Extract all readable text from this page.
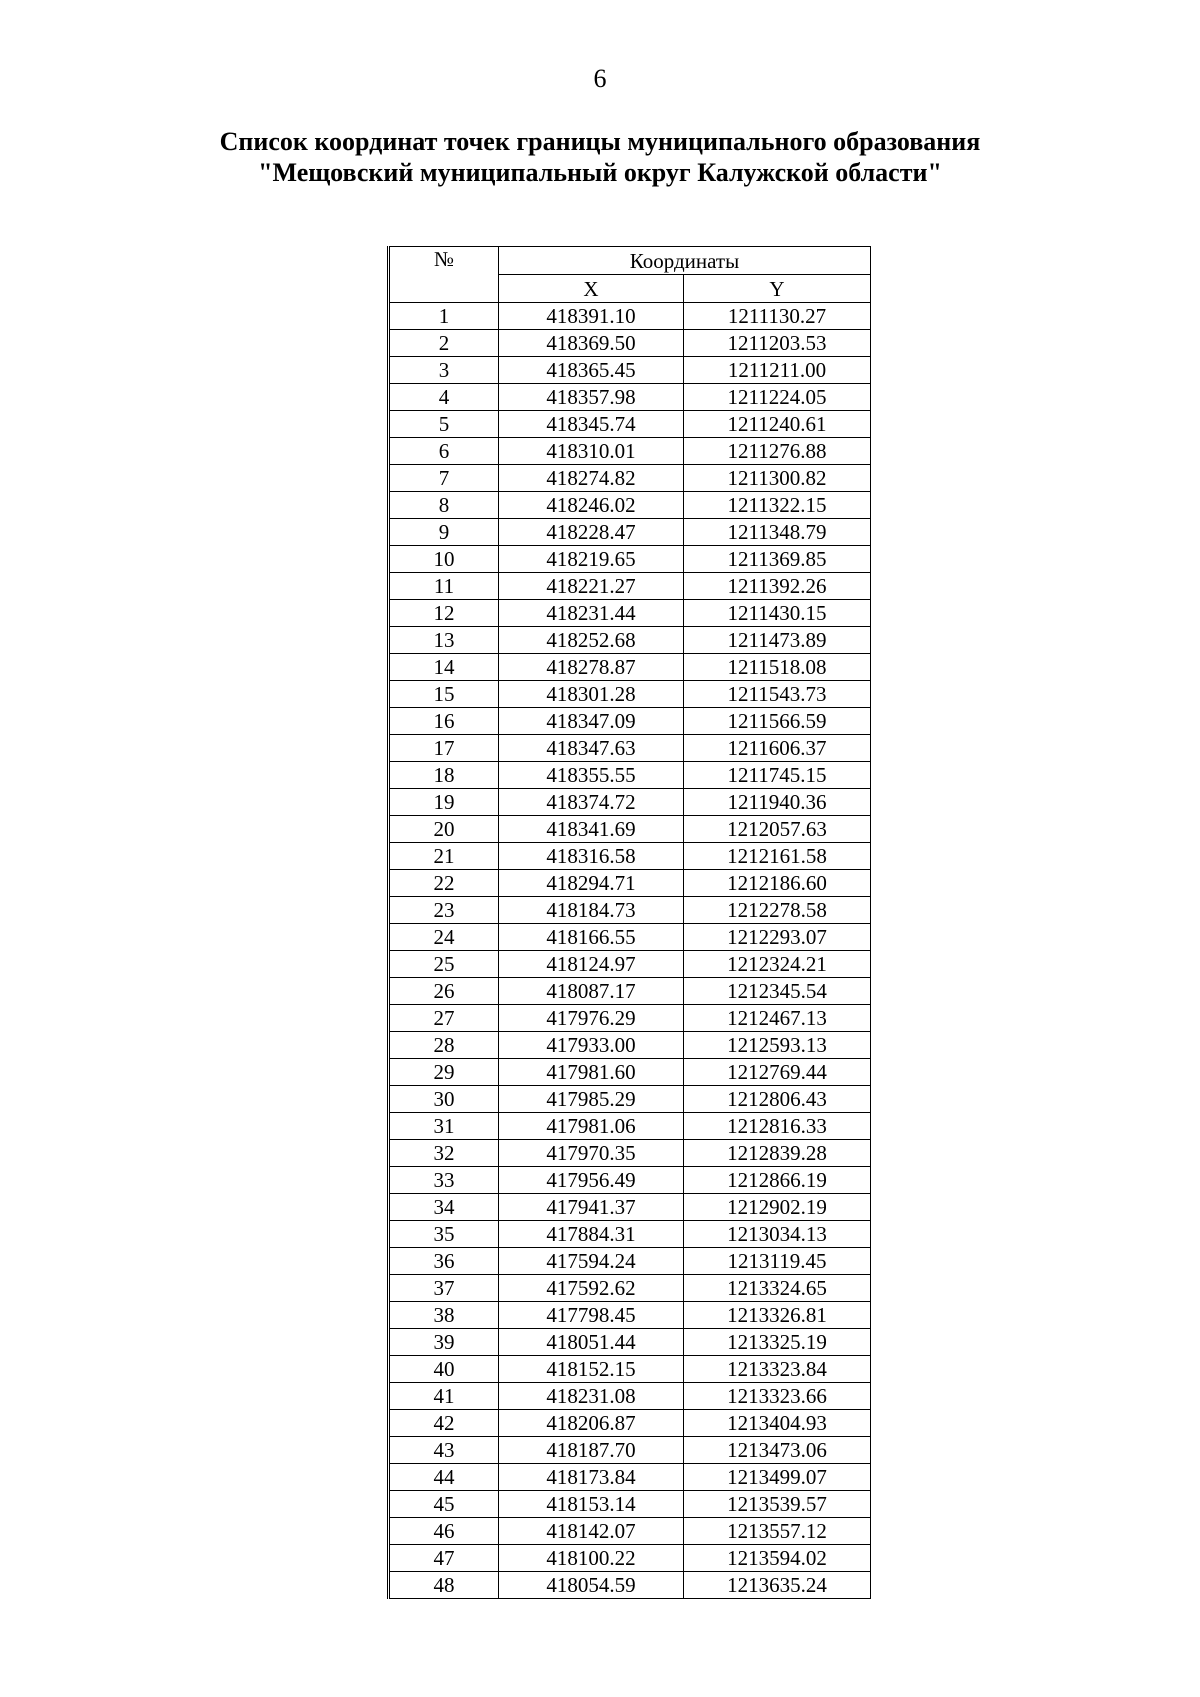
6
Список координат точек границы муниципального образования
"Мещовский муниципальный округ Калужской области"
№	Координаты	
	X	Y
1	418391.10	1211130.27
2	418369.50	1211203.53
3	418365.45	1211211.00
4	418357.98	1211224.05
5	418345.74	1211240.61
6	418310.01	1211276.88
7	418274.82	1211300.82
8	418246.02	1211322.15
9	418228.47	1211348.79
10	418219.65	1211369.85
11	418221.27	1211392.26
12	418231.44	1211430.15
13	418252.68	1211473.89
14	418278.87	1211518.08
15	418301.28	1211543.73
16	418347.09	1211566.59
17	418347.63	1211606.37
18	418355.55	1211745.15
19	418374.72	1211940.36
20	418341.69	1212057.63
21	418316.58	1212161.58
22	418294.71	1212186.60
23	418184.73	1212278.58
24	418166.55	1212293.07
25	418124.97	1212324.21
26	418087.17	1212345.54
27	417976.29	1212467.13
28	417933.00	1212593.13
29	417981.60	1212769.44
30	417985.29	1212806.43
31	417981.06	1212816.33
32	417970.35	1212839.28
33	417956.49	1212866.19
34	417941.37	1212902.19
35	417884.31	1213034.13
36	417594.24	1213119.45
37	417592.62	1213324.65
38	417798.45	1213326.81
39	418051.44	1213325.19
40	418152.15	1213323.84
41	418231.08	1213323.66
42	418206.87	1213404.93
43	418187.70	1213473.06
44	418173.84	1213499.07
45	418153.14	1213539.57
46	418142.07	1213557.12
47	418100.22	1213594.02
48	418054.59	1213635.24
